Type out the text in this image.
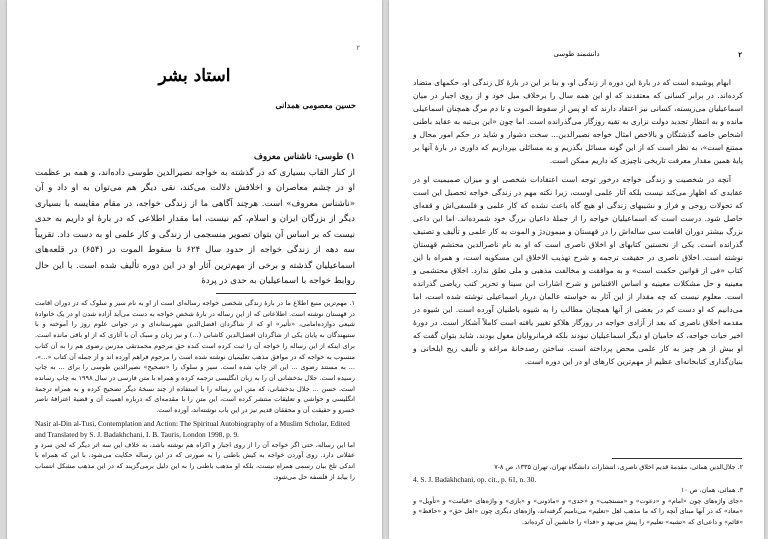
۲
استاد بشر
حسین معصومی همدانی

۱) طوسی: ناشناس معروف

از کنار القاب بسیاری که در گذشته به خواجه نصیرالدین طوسی داده‌اند، و همه بر عظمت او در چشم معاصران و اخلافش دلالت می‌کند، نقی دیگر هم می‌توان به او داد و آن «ناشناس معروف» است. هرچند آگاهی ما از زندگی خواجه، در مقام مقایسه با بسیاری دیگر از بزرگان ایران و اسلام، کم نیست، اما مقدار اطلاعی که در بارهٔ او داریم به حدی نیست که بر اساس آن بتوان تصویر منسجمی از زندگی و کار علمی او به دست داد. تقریباً سه دهه از زندگی خواجه از حدود سال ۶۲۴ تا سقوط الموت در (۶۵۴) در قلعه‌های اسماعیلیان گذشته و برخی از مهم‌ترین آثار او در این دوره تألیف شده است. با این حال روابط خواجه با اسماعیلیان به حدی در پردهٔ

۱. مهم‌ترین منبع اطلاع ما در بارهٔ زندگی شخصی خواجه رساله‌ای است از او به نام سیر و سلوک که در دوران اقامت در قهستان نوشته است. اطلاعاتی که از این رساله در بارهٔ شخص خواجه به دست می‌آید آزاده شدن او در یک خانوادهٔ شیعی دوازده‌امامی، «تأثیر» او که از شاگردان افضل‌الدین شهرستانه‌ای و در جوانی علوم روز را آموخته و با ستیهندگان به پایان یکی از شاگردان افضل‌الدین کاشانی (...) و نیز زبان و سبک آن با آثاری که از او باقی مانده است. برای اینکه از این رساله را خواجه آن را ثبت کرده است کنده حق مرحوم محمدتقی مدرس رضوی هم را به آن کتاب منسوب به خواجه که در موافق مذهب تعلیمیان نوشته شده است را مرحوم فراهم آورده اند و از جمله آن کتاب «...»، ... به مستند رضوی ... این اثر چاپ شده است. سیر و سلوک را «تصحیح» نصیرالدین طوسی را برای ... به چاپ رسیده است. جلال بدخشانی آن را به زبان انگلیسی ترجمه کرده و همراه با متن فارسی در سال ۱۹۹۸ به چاپ رسانده است. حسن ... جلال بدخشانی، که متن این رساله را با استفاده از چند نسخهٔ دیگر تصحیح کرده و به همراه ترجمهٔ انگلیسی و حواشی و تعلیقات منتشر کرده است، این متن را با مقدمه‌ای که درباره اهمیت آن و قضیهٔ اعترافهٔ ناصر خسرو و حقیقت آن و محققان قدیم نیز در این باب نوشته‌اند، آورده است.

Nasir al-Din al-Tusi, Contemplation and Action: The Spiritual Autobiography of a Muslim Scholar, Edited and Translated by S. J. Badakhchani, I. B. Tauris, London 1998, p. 9.

اما این رساله، حتی اگر خواجه آن را از روی اجبار و اکراه هم نوشته باشد، به خلاف این سه اثر دیگر که لحن سرد و عقلانی دارد. روی آوردن خواجه به کیش باطنی را به صورتی که در این رساله حکایت می‌شود، با این که همراه با اندکی تلخ بیان رسمی همراه نیست، بلکه او مذهب باطنی را به این دلیل برمی‌گزیند که در این مذهب مشکل انتساب را بیابد از فلسفه حل می‌شود.

۲
دانشمند طوسی

ابهام پوشیده است که در بارهٔ این دوره از زندگی او، و بنا بر این در بارهٔ کل زندگی او، حکمهای متضاد کرده‌اند. در برابر کسانی که معتقدند که او این همه سال را برخلاف میل خود و از روی اجبار در میان اسماعیلیان می‌زیسته، کسانی نیز اعتقاد دارند که او پس از سقوط الموت و تا دم مرگ همچنان اسماعیلی مانده و به انتظار تجدید دولت نزاری به تقیه روزگار می‌گذرانده است. اما چون «این بی‌تبه به عقاید باطنی اشخاص خاصه گذشتگان و بالاخص امثال خواجه نصیرالدین... سخت دشوار و شاید در حکم امور محال و ممتنع است»، به نظر است که از این گونه مسائل بگذریم و به مسائلی بپردازیم که داوری در بارهٔ آنها بر پایهٔ همین مقدار معرفت تاریخی ناچیزی که داریم ممکن است.

آنچه در شخصیت و زندگی خواجه درخور توجه است اعتقادات شخصی او و میزان صمیمیت او در عقایدی که اظهار می‌کند نیست بلکه آثار علمی اوست، زیرا نکته مهم در زندگی خواجه تحصیل این است که تحولات روحی و فراز و نشیبهای زندگی او هیچ گاه باعث نشده که کار علمی و فلسفی‌اش و قفه‌ای حاصل شود. درست است که اسماعیلیان خواجه را از جملهٔ داعیان بزرگ خود شمرده‌اند. اما این داعی بزرگ بیشتر دوران اقامت سی ساله‌اش را در قهستان و میمون‌دژ و الموت به کار علمی و تألیف و تصنیف گذرانده است. یکی از نخستین کتابهای او اخلاق ناصری است که او به نام ناصرالدین محتشم قهستان نوشته است. اخلاق ناصری در حقیقت ترجمه و شرح تهذیب الاخلاق ابن مسکویه است، و همراه با این کتاب «فی از قوانین حکمت است» و به موافقت و مخالفت مذهبی و ملی تعلق ندارد. اخلاق محتشمی و معینیه و حل مشکلات معینیه و اساس الاقتباس و شرح اشارات ابن سینا و تحریر کتب ریاضی گذرانده است. معلوم نیست که چه مقدار از این آثار به خواسته عالمان دربار اسماعیلی نوشته شده است، اما می‌دانیم که او دست کم در بعضی از آنها همچنان مطالب را به شیوه باطنیان آورده است. این شیوه در مقدمه اخلاق ناصری که بعد از آزادی خواجه در روزگار هلاکو تغییر یافته است کاملاً آشکار است. در دورهٔ اخیر حیات خواجه، که حامیان او دیگر اسماعیلیان نبودند بلکه فرمانروایان مغول بودند، شاید بتوان گفت که او بیش از هر چیز به کار علمی محض پرداخته است. ساختن رصدخانهٔ مراغه و تألیف زیج ایلخانی و بنیان‌گذاری کتابخانه‌ای عظیم از مهم‌ترین کارهای او در این دوره است.

۲. جلال‌الدین همائی، مقدمهٔ قدیم اخلاق ناصری، انتشارات دانشگاه تهران، تهران ۱۳۳۵، ص ۸-۷

4. S. J. Badakhchani, op. cit., p. 61, n. 30.

۳. همائی، همان، ص ۱۰

«جای واژه‌های چون «امام» و «دعوت» و «مستجیب» و «حدی» و «ماذونی» و «بازی» و واژه‌های «قیامت» و «تأویل» و «معاد» که در آنها مبنای آنچه را که ما مذهب اهل «تعلیم» می‌نامیم گرفته‌اند، واژه‌های دیگری چون «اهل حق» و «حافظ» و «قائم» و داعی‌ای که «تشبه» تعلیم» را پیش می‌نهد و «فدا» را جانشین آن کرده‌اند.
